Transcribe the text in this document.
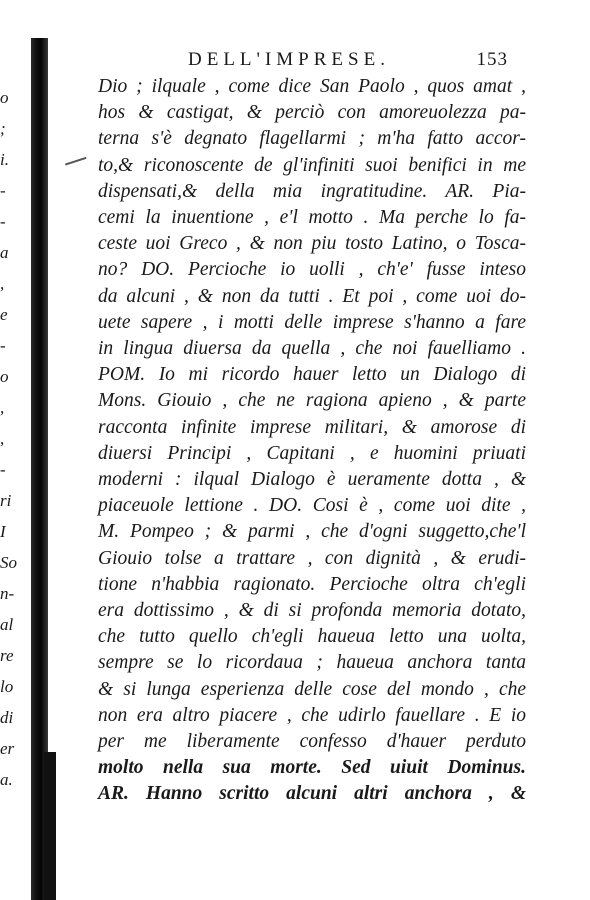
o
;
i.
-
-
a
,
e
-
o
,
,
-
ri
I
So
n-
al
re
lo
di
er
a.
DELL'IMPRESE.	153
Dio ; ilquale , come dice San Paolo , quos amat ,
hos & castigat, & perciò con amoreuolezza pa-
terna s'è degnato flagellarmi ; m'ha fatto accor-
to,& riconoscente de gl'infiniti suoi benifici in me
dispensati,& della mia ingratitudine. AR. Pia-
cemi la inuentione , e'l motto . Ma perche lo fa-
ceste uoi Greco , & non piu tosto Latino, o Tosca-
no? DO. Percioche io uolli , ch'e' fusse inteso
da alcuni , & non da tutti . Et poi , come uoi do-
uete sapere , i motti delle imprese s'hanno a fare
in lingua diuersa da quella , che noi fauelliamo .
POM. Io mi ricordo hauer letto un Dialogo di
Mons. Giouio , che ne ragiona apieno , & parte
racconta infinite imprese militari, & amorose di
diuersi Principi , Capitani , e huomini priuati
moderni : ilqual Dialogo è ueramente dotta , &
piaceuole lettione . DO. Cosi è , come uoi dite ,
M. Pompeo ; & parmi , che d'ogni suggetto,che'l
Giouio tolse a trattare , con dignità , & erudi-
tione n'habbia ragionato. Percioche oltra ch'egli
era dottissimo , & di si profonda memoria dotato,
che tutto quello ch'egli haueua letto una uolta,
sempre se lo ricordaua ; haueua anchora tanta
& si lunga esperienza delle cose del mondo , che
non era altro piacere , che udirlo fauellare . E io
per me liberamente confesso d'hauer perduto
molto nella sua morte. Sed uiuit Dominus.
AR. Hanno scritto alcuni altri anchora , &
